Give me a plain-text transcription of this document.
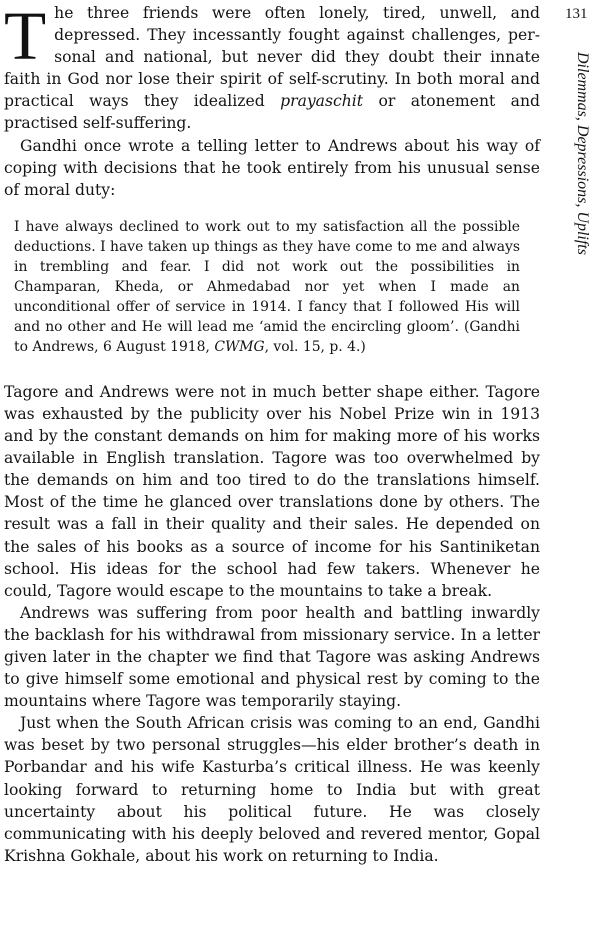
131
Dilemmas, Depressions, Uplifts

The three friends were often lonely, tired, unwell, and depressed. They incessantly fought against challenges, personal and national, but never did they doubt their innate faith in God nor lose their spirit of self-scrutiny. In both moral and practical ways they idealized prayaschit or atonement and practised self-suffering.

Gandhi once wrote a telling letter to Andrews about his way of coping with decisions that he took entirely from his unusual sense of moral duty:

I have always declined to work out to my satisfaction all the possible deductions. I have taken up things as they have come to me and always in trembling and fear. I did not work out the possibilities in Champaran, Kheda, or Ahmedabad nor yet when I made an unconditional offer of service in 1914. I fancy that I followed His will and no other and He will lead me ‘amid the encircling gloom’. (Gandhi to Andrews, 6 August 1918, CWMG, vol. 15, p. 4.)

Tagore and Andrews were not in much better shape either. Tagore was exhausted by the publicity over his Nobel Prize win in 1913 and by the constant demands on him for making more of his works available in English translation. Tagore was too overwhelmed by the demands on him and too tired to do the translations himself. Most of the time he glanced over translations done by others. The result was a fall in their quality and their sales. He depended on the sales of his books as a source of income for his Santiniketan school. His ideas for the school had few takers. Whenever he could, Tagore would escape to the mountains to take a break.

Andrews was suffering from poor health and battling inwardly the backlash for his withdrawal from missionary service. In a letter given later in the chapter we find that Tagore was asking Andrews to give himself some emotional and physical rest by coming to the mountains where Tagore was temporarily staying.

Just when the South African crisis was coming to an end, Gandhi was beset by two personal struggles—his elder brother’s death in Porbandar and his wife Kasturba’s critical illness. He was keenly looking forward to returning home to India but with great uncertainty about his political future. He was closely communicating with his deeply beloved and revered mentor, Gopal Krishna Gokhale, about his work on returning to India.
